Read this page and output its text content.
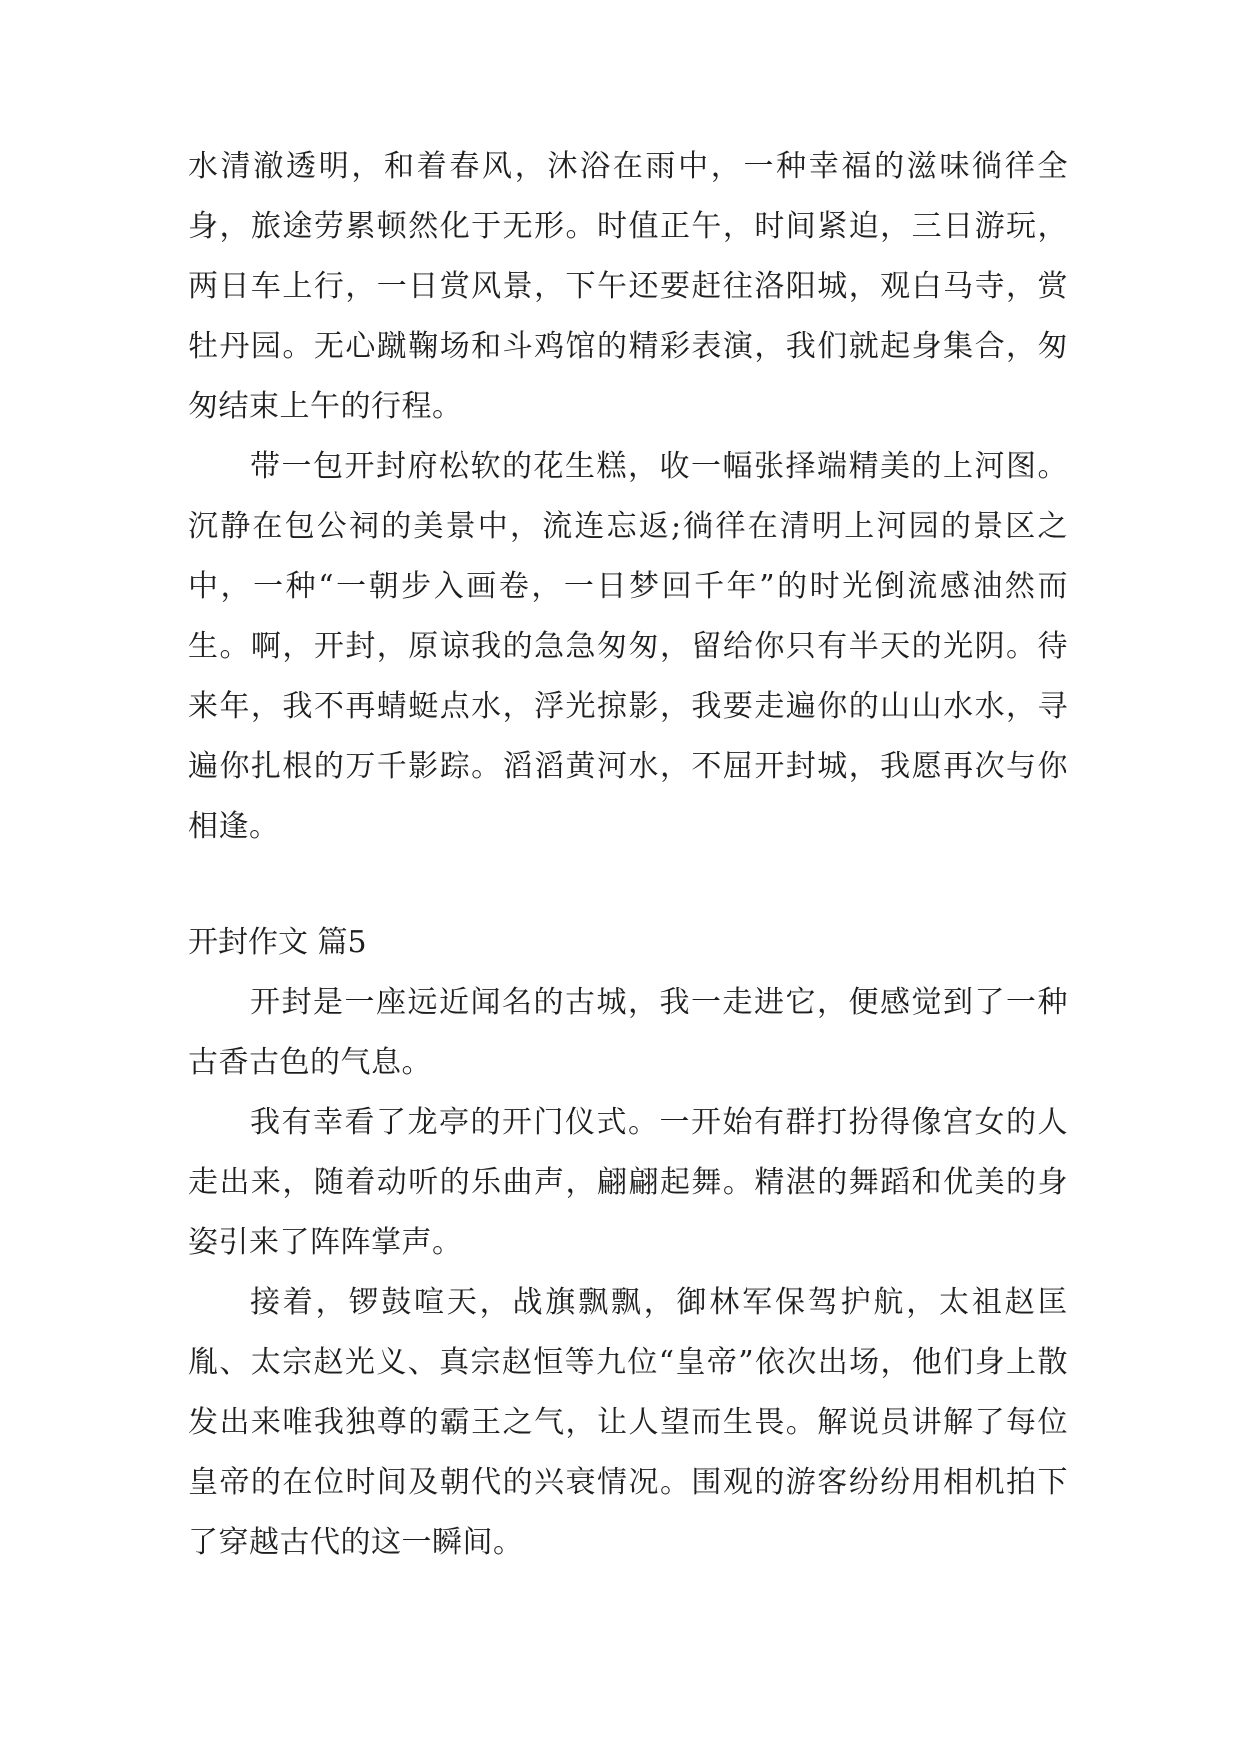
水清澈透明，和着春风，沐浴在雨中，一种幸福的滋味徜徉全身，旅途劳累顿然化于无形。时值正午，时间紧迫，三日游玩，两日车上行，一日赏风景，下午还要赶往洛阳城，观白马寺，赏牡丹园。无心蹴鞠场和斗鸡馆的精彩表演，我们就起身集合，匆匆结束上午的行程。

带一包开封府松软的花生糕，收一幅张择端精美的上河图。沉静在包公祠的美景中，流连忘返;徜徉在清明上河园的景区之中，一种“一朝步入画卷，一日梦回千年”的时光倒流感油然而生。啊，开封，原谅我的急急匆匆，留给你只有半天的光阴。待来年，我不再蜻蜓点水，浮光掠影，我要走遍你的山山水水，寻遍你扎根的万千影踪。滔滔黄河水，不屈开封城，我愿再次与你相逢。

开封作文 篇5

开封是一座远近闻名的古城，我一走进它，便感觉到了一种古香古色的气息。

我有幸看了龙亭的开门仪式。一开始有群打扮得像宫女的人走出来，随着动听的乐曲声，翩翩起舞。精湛的舞蹈和优美的身姿引来了阵阵掌声。

接着，锣鼓喧天，战旗飘飘，御林军保驾护航，太祖赵匡胤、太宗赵光义、真宗赵恒等九位“皇帝”依次出场，他们身上散发出来唯我独尊的霸王之气，让人望而生畏。解说员讲解了每位皇帝的在位时间及朝代的兴衰情况。围观的游客纷纷用相机拍下了穿越古代的这一瞬间。
